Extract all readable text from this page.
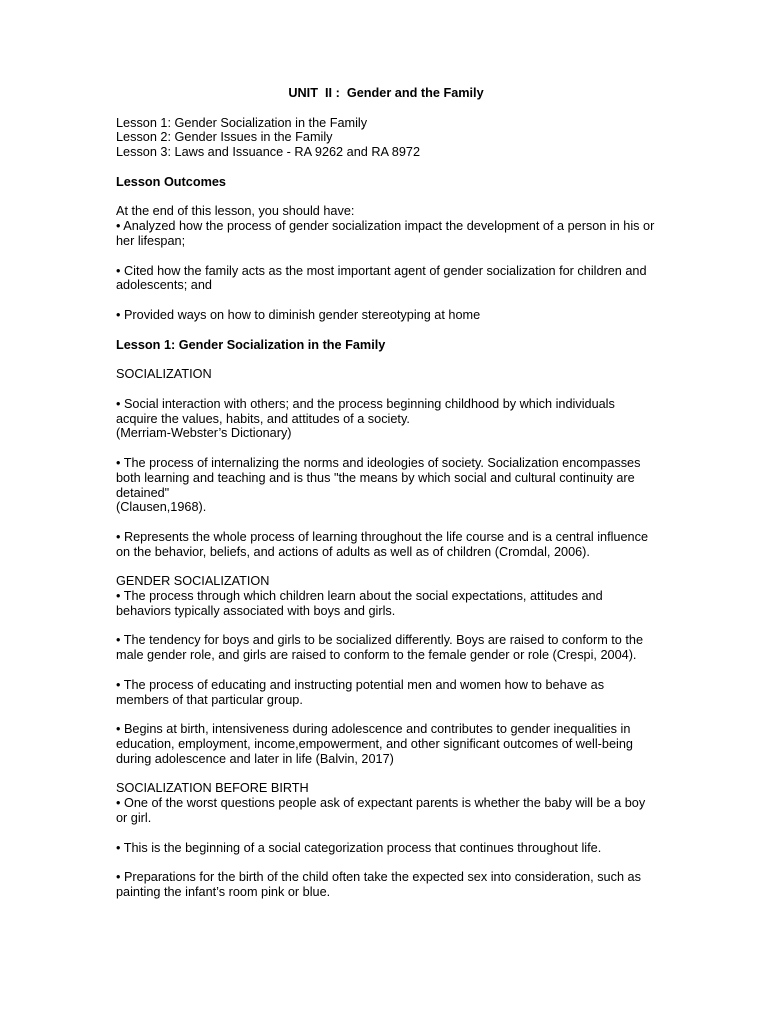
UNIT  II :  Gender and the Family
Lesson 1: Gender Socialization in the Family
Lesson 2: Gender Issues in the Family
Lesson 3: Laws and Issuance - RA 9262 and RA 8972
Lesson Outcomes
At the end of this lesson, you should have:
• Analyzed how the process of gender socialization impact the development of a person in his or her lifespan;
• Cited how the family acts as the most important agent of gender socialization for children and adolescents; and
• Provided ways on how to diminish gender stereotyping at home
Lesson 1: Gender Socialization in the Family
SOCIALIZATION
• Social interaction with others; and the process beginning childhood by which individuals acquire the values, habits, and attitudes of a society.
(Merriam-Webster’s Dictionary)
• The process of internalizing the norms and ideologies of society. Socialization encompasses both learning and teaching and is thus "the means by which social and cultural continuity are detained"
(Clausen,1968).
• Represents the whole process of learning throughout the life course and is a central influence on the behavior, beliefs, and actions of adults as well as of children (Cromdal, 2006).
GENDER SOCIALIZATION
• The process through which children learn about the social expectations, attitudes and behaviors typically associated with boys and girls.
• The tendency for boys and girls to be socialized differently. Boys are raised to conform to the male gender role, and girls are raised to conform to the female gender or role (Crespi, 2004).
• The process of educating and instructing potential men and women how to behave as members of that particular group.
• Begins at birth, intensiveness during adolescence and contributes to gender inequalities in education, employment, income,empowerment, and other significant outcomes of well-being during adolescence and later in life (Balvin, 2017)
SOCIALIZATION BEFORE BIRTH
• One of the worst questions people ask of expectant parents is whether the baby will be a boy or girl.
• This is the beginning of a social categorization process that continues throughout life.
• Preparations for the birth of the child often take the expected sex into consideration, such as painting the infant’s room pink or blue.
